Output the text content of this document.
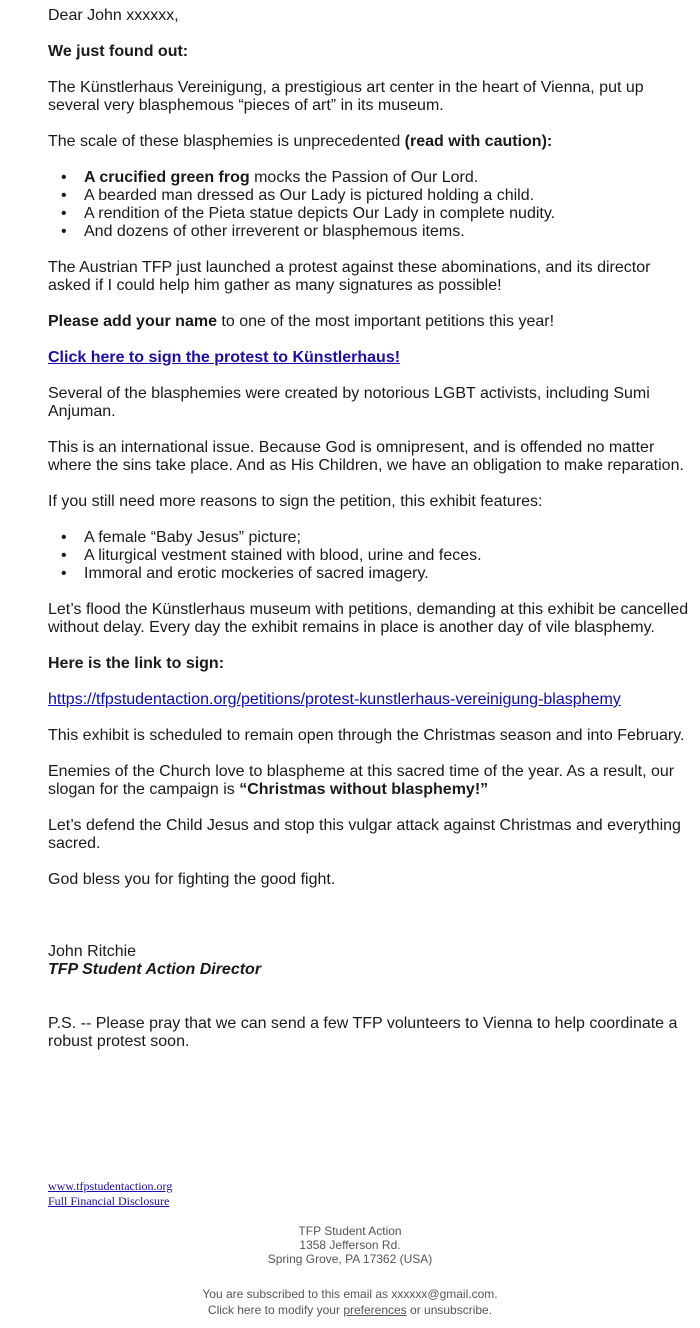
Dear John xxxxxx,

We just found out:

The Künstlerhaus Vereinigung, a prestigious art center in the heart of Vienna, put up several very blasphemous “pieces of art” in its museum.

The scale of these blasphemies is unprecedented (read with caution):

• A crucified green frog mocks the Passion of Our Lord.
• A bearded man dressed as Our Lady is pictured holding a child.
• A rendition of the Pieta statue depicts Our Lady in complete nudity.
• And dozens of other irreverent or blasphemous items.

The Austrian TFP just launched a protest against these abominations, and its director asked if I could help him gather as many signatures as possible!

Please add your name to one of the most important petitions this year!

Click here to sign the protest to Künstlerhaus!

Several of the blasphemies were created by notorious LGBT activists, including Sumi Anjuman.

This is an international issue. Because God is omnipresent, and is offended no matter where the sins take place. And as His Children, we have an obligation to make reparation.

If you still need more reasons to sign the petition, this exhibit features:

• A female “Baby Jesus” picture;
• A liturgical vestment stained with blood, urine and feces.
• Immoral and erotic mockeries of sacred imagery.

Let’s flood the Künstlerhaus museum with petitions, demanding at this exhibit be cancelled without delay. Every day the exhibit remains in place is another day of vile blasphemy.

Here is the link to sign:

https://tfpstudentaction.org/petitions/protest-kunstlerhaus-vereinigung-blasphemy

This exhibit is scheduled to remain open through the Christmas season and into February.

Enemies of the Church love to blaspheme at this sacred time of the year. As a result, our slogan for the campaign is “Christmas without blasphemy!”

Let’s defend the Child Jesus and stop this vulgar attack against Christmas and everything sacred.

God bless you for fighting the good fight.

John Ritchie

TFP Student Action Director

P.S. -- Please pray that we can send a few TFP volunteers to Vienna to help coordinate a robust protest soon.

www.tfpstudentaction.org
Full Financial Disclosure
TFP Student Action
1358 Jefferson Rd.
Spring Grove, PA 17362 (USA)
You are subscribed to this email as xxxxxx@gmail.com.
Click here to modify your preferences or unsubscribe.
